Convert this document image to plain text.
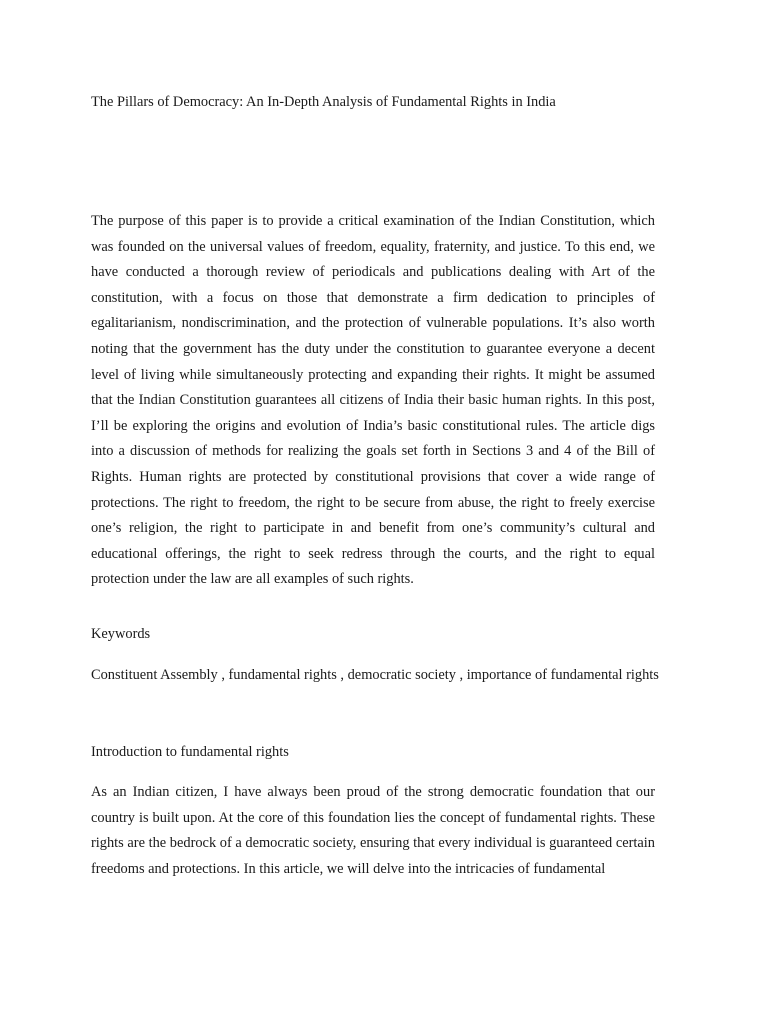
The Pillars of Democracy: An In-Depth Analysis of Fundamental Rights in India

The purpose of this paper is to provide a critical examination of the Indian Constitution, which was founded on the universal values of freedom, equality, fraternity, and justice. To this end, we have conducted a thorough review of periodicals and publications dealing with Art of the constitution, with a focus on those that demonstrate a firm dedication to principles of egalitarianism, nondiscrimination, and the protection of vulnerable populations. It’s also worth noting that the government has the duty under the constitution to guarantee everyone a decent level of living while simultaneously protecting and expanding their rights. It might be assumed that the Indian Constitution guarantees all citizens of India their basic human rights. In this post, I’ll be exploring the origins and evolution of India’s basic constitutional rules. The article digs into a discussion of methods for realizing the goals set forth in Sections 3 and 4 of the Bill of Rights. Human rights are protected by constitutional provisions that cover a wide range of protections. The right to freedom, the right to be secure from abuse, the right to freely exercise one’s religion, the right to participate in and benefit from one’s community’s cultural and educational offerings, the right to seek redress through the courts, and the right to equal protection under the law are all examples of such rights.

Keywords

Constituent Assembly , fundamental rights , democratic society , importance of fundamental rights

Introduction to fundamental rights

As an Indian citizen, I have always been proud of the strong democratic foundation that our country is built upon. At the core of this foundation lies the concept of fundamental rights. These rights are the bedrock of a democratic society, ensuring that every individual is guaranteed certain freedoms and protections. In this article, we will delve into the intricacies of fundamental
